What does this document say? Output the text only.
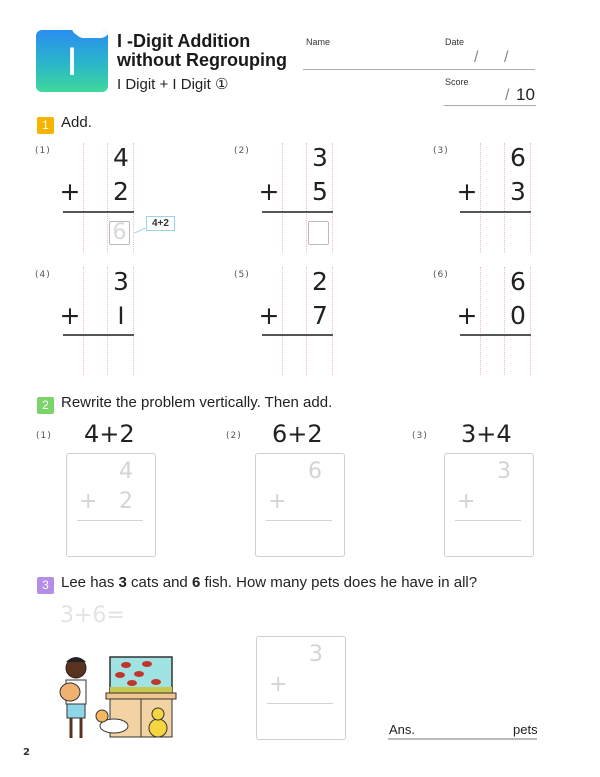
I	I -Digit Addition
without Regrouping
I Digit + I Digit ①
Name	Date
/ /
Score
/ 10
1 Add.
(1) 4
+ 2
6	4+2
(2) 3
+ 5
(3) 6
+ 3
(4) 3
+	I
(5) 2
+ 7
(6) 6
+ 0
2 Rewrite the problem vertically. Then add.
(1) 4+2
4
+ 2
(2) 6+2
6
+
(3) 3+4
3
+
3 Lee has 3 cats and 6 fish. How many pets does he have in all?
3+6=
3
+
Ans.	pets
2
